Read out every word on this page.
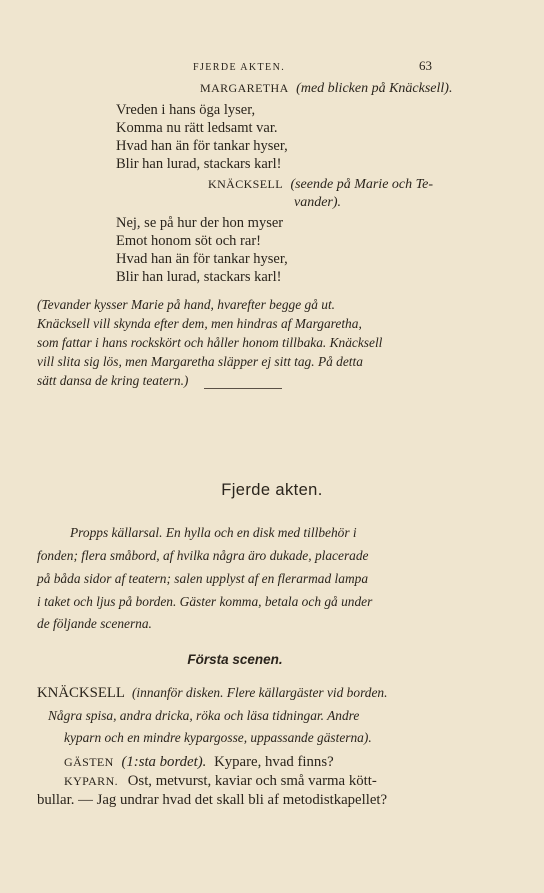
FJERDE AKTEN.	63
MARGARETHA (med blicken på Knäcksell).
Vreden i hans öga lyser,
Komma nu rätt ledsamt var.
Hvad han än för tankar hyser,
Blir han lurad, stackars karl!
KNÄCKSELL (seende på Marie och Te-
vander).
Nej, se på hur der hon myser
Emot honom söt och rar!
Hvad han än för tankar hyser,
Blir han lurad, stackars karl!
(Tevander kysser Marie på hand, hvarefter begge gå ut.
Knäcksell vill skynda efter dem, men hindras af Margaretha,
som fattar i hans rockskört och håller honom tillbaka. Knäcksell
vill slita sig lös, men Margaretha släpper ej sitt tag. På detta
sätt dansa de kring teatern.)
Fjerde akten.
Propps källarsal. En hylla och en disk med tillbehör i
fonden; flera småbord, af hvilka några äro dukade, placerade
på båda sidor af teatern; salen upplyst af en flerarmad lampa
i taket och ljus på borden. Gäster komma, betala och gå under
de följande scenerna.
Första scenen.
KNÄCKSELL (innanför disken. Flere källargäster vid borden.
Några spisa, andra dricka, röka och läsa tidningar. Andre
kyparn och en mindre kypargosse, uppassande gästerna).
GÄSTEN (1:sta bordet). Kypare, hvad finns?
KYPARN. Ost, metvurst, kaviar och små varma kött-
bullar. — Jag undrar hvad det skall bli af metodistkapellet?
